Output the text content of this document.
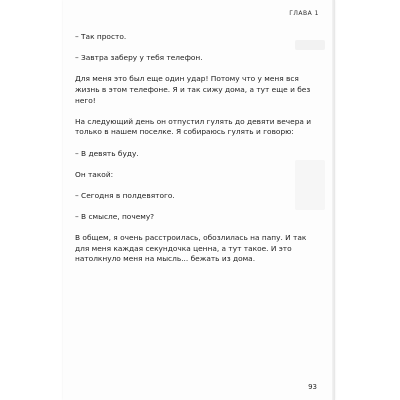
ГЛАВА 1

– Так просто.

– Завтра заберу у тебя телефон.

Для меня это был еще один удар! Потому что у меня вся жизнь в этом телефоне. Я и так сижу дома, а тут еще и без него!

На следующий день он отпустил гулять до девяти вечера и только в нашем поселке. Я собираюсь гулять и говорю:

– В девять буду.

Он такой:

– Сегодня в полдевятого.

– В смысле, почему?

В общем, я очень расстроилась, обозлилась на папу. И так для меня каждая секундочка ценна, а тут такое. И это натолкнуло меня на мысль... бежать из дома.

93
